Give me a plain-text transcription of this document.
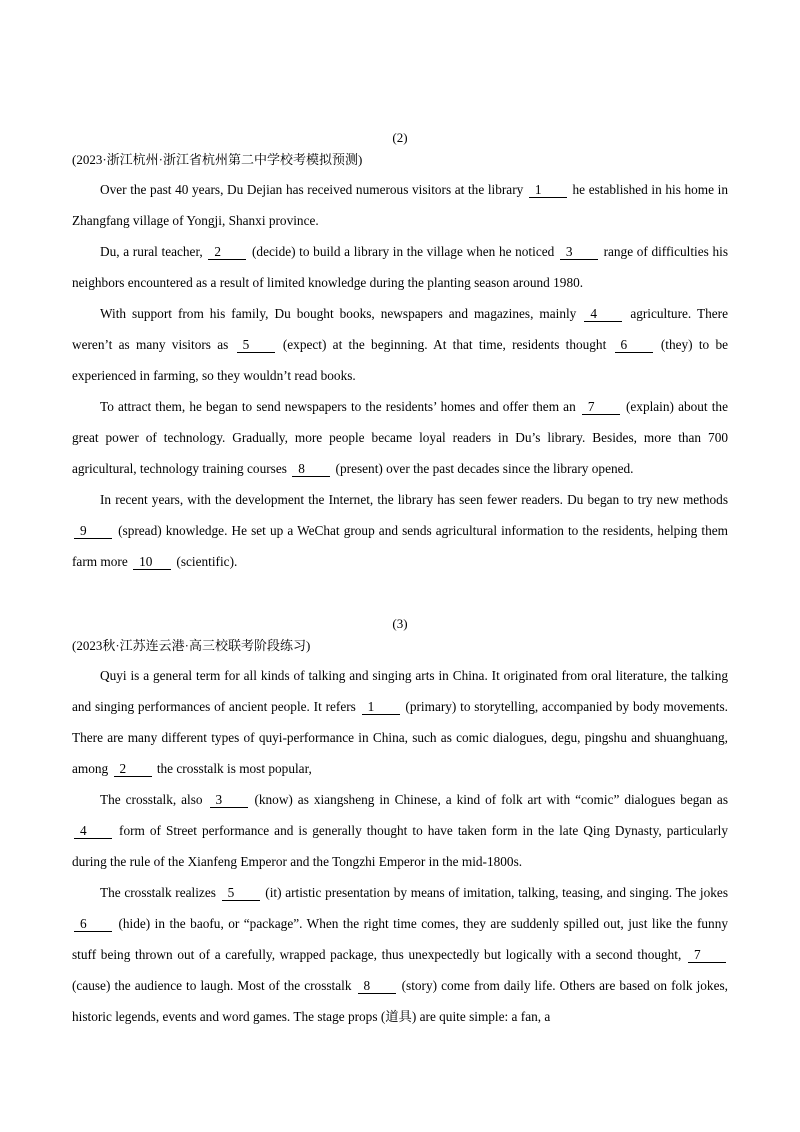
(2)
(2023·浙江杭州·浙江省杭州第二中学校考模拟预测)

Over the past 40 years, Du Dejian has received numerous visitors at the library 1 he established in his home in Zhangfang village of Yongji, Shanxi province.

Du, a rural teacher, 2 (decide) to build a library in the village when he noticed 3 range of difficulties his neighbors encountered as a result of limited knowledge during the planting season around 1980.

With support from his family, Du bought books, newspapers and magazines, mainly 4 agriculture. There weren’t as many visitors as 5 (expect) at the beginning. At that time, residents thought 6 (they) to be experienced in farming, so they wouldn’t read books.

To attract them, he began to send newspapers to the residents’ homes and offer them an 7 (explain) about the great power of technology. Gradually, more people became loyal readers in Du’s library. Besides, more than 700 agricultural, technology training courses 8 (present) over the past decades since the library opened.

In recent years, with the development the Internet, the library has seen fewer readers. Du began to try new methods 9 (spread) knowledge. He set up a WeChat group and sends agricultural information to the residents, helping them farm more 10 (scientific).

(3)
(2023秋·江苏连云港·高三校联考阶段练习)

Quyi is a general term for all kinds of talking and singing arts in China. It originated from oral literature, the talking and singing performances of ancient people. It refers 1 (primary) to storytelling, accompanied by body movements. There are many different types of quyi-performance in China, such as comic dialogues, degu, pingshu and shuanghuang, among 2 the crosstalk is most popular,

The crosstalk, also 3 (know) as xiangsheng in Chinese, a kind of folk art with “comic” dialogues began as 4 form of Street performance and is generally thought to have taken form in the late Qing Dynasty, particularly during the rule of the Xianfeng Emperor and the Tongzhi Emperor in the mid-1800s.

The crosstalk realizes 5 (it) artistic presentation by means of imitation, talking, teasing, and singing. The jokes 6 (hide) in the baofu, or “package”. When the right time comes, they are suddenly spilled out, just like the funny stuff being thrown out of a carefully, wrapped package, thus unexpectedly but logically with a second thought, 7 (cause) the audience to laugh. Most of the crosstalk 8 (story) come from daily life. Others are based on folk jokes, historic legends, events and word games. The stage props (道具) are quite simple: a fan, a
